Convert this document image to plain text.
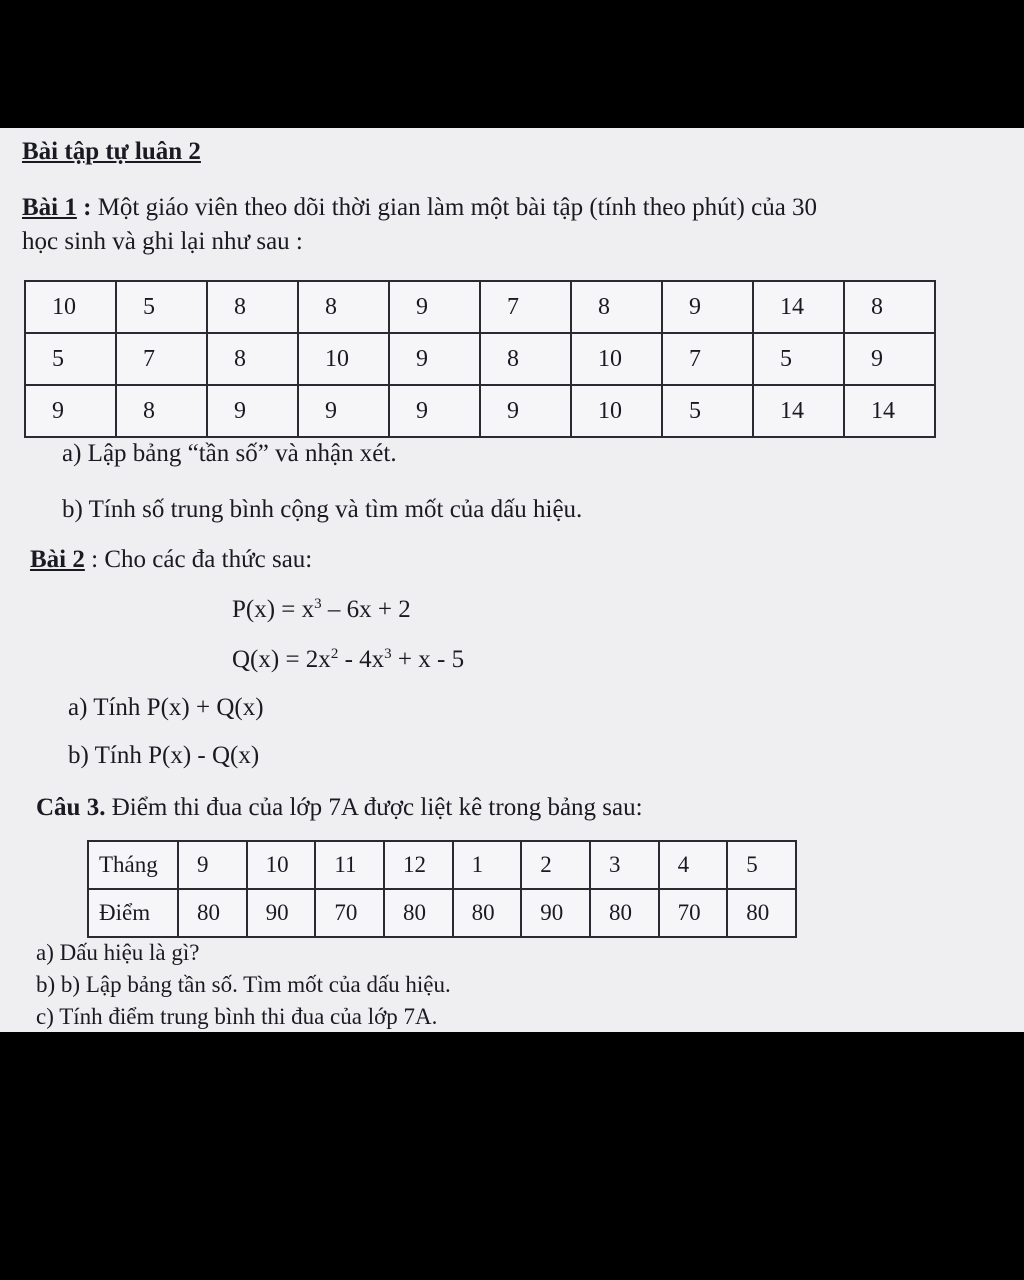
Bài tập tự luân 2
Bài 1 : Một giáo viên theo dõi thời gian làm một bài tập (tính theo phút) của 30
học sinh và ghi lại như sau :
10	5	8	8	9	7	8	9	14	8
5	7	8	10	9	8	10	7	5	9
9	8	9	9	9	9	10	5	14	14
a) Lập bảng “tần số” và nhận xét.
b) Tính số trung bình cộng và tìm mốt của dấu hiệu.
Bài 2 : Cho các đa thức sau:
$P(x) = x^3 - 6x + 2$
$Q(x) = 2x^2 - 4x^3 + x - 5$
a) Tính P(x) + Q(x)
b) Tính P(x) - Q(x)
Câu 3. Điểm thi đua của lớp 7A được liệt kê trong bảng sau:
Tháng	9	10	11	12	1	2	3	4	5
Điểm	80	90	70	80	80	90	80	70	80
a) Dấu hiệu là gì?
b) b) Lập bảng tần số. Tìm mốt của dấu hiệu.
c) Tính điểm trung bình thi đua của lớp 7A.
